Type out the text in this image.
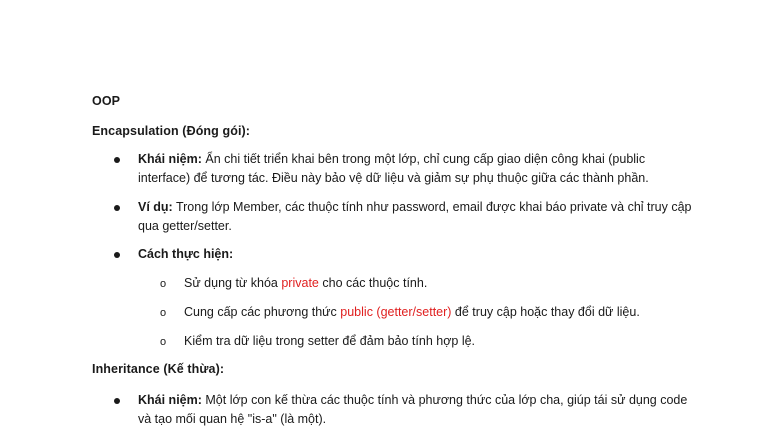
OOP
Encapsulation (Đóng gói):
Khái niệm: Ẩn chi tiết triển khai bên trong một lớp, chỉ cung cấp giao diện công khai (public interface) để tương tác. Điều này bảo vệ dữ liệu và giảm sự phụ thuộc giữa các thành phần.
Ví dụ: Trong lớp Member, các thuộc tính như password, email được khai báo private và chỉ truy cập qua getter/setter.
Cách thực hiện:
o Sử dụng từ khóa private cho các thuộc tính.
o Cung cấp các phương thức public (getter/setter) để truy cập hoặc thay đổi dữ liệu.
o Kiểm tra dữ liệu trong setter để đảm bảo tính hợp lệ.
Inheritance (Kế thừa):
Khái niệm: Một lớp con kế thừa các thuộc tính và phương thức của lớp cha, giúp tái sử dụng code và tạo mối quan hệ "is-a" (là một).
